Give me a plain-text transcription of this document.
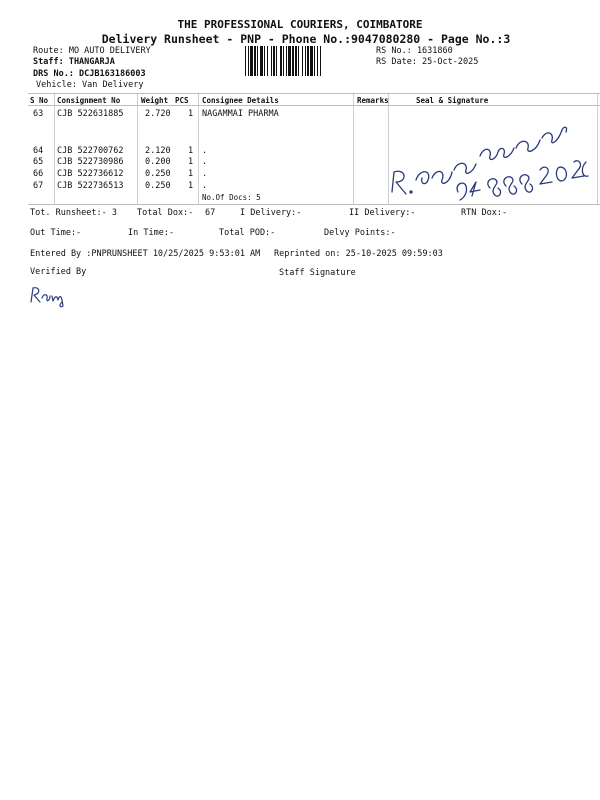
THE PROFESSIONAL COURIERS, COIMBATORE
Delivery Runsheet - PNP - Phone No.:9047080280 - Page No.:3
Route: MO AUTO DELIVERY
Staff: THANGARJA
DRS No.: DCJB163186003
Vehicle: Van Delivery
RS No.: 1631860
RS Date: 25-Oct-2025
S No Consignment No	Weight PCS Consignee Details	Remarks	Seal & Signature
63 CJB 522631885	2.720 1 NAGAMMAI PHARMA
64 CJB 522700762	2.120 1 .
65 CJB 522730986	0.200 1 .
66 CJB 522736612	0.250 1 .
67 CJB 522736513	0.250 1 .
No.Of Docs: 5
Tot. Runsheet:- 3 Total Dox:- 67	I Delivery:-	II Delivery:-	RTN Dox:-
Out Time:-	In Time:-	Total POD:-	Delvy Points:-
Entered By :PNPRUNSHEET 10/25/2025 9:53:01 AM Reprinted on: 25-10-2025 09:59:03
Verified By	Staff Signature
